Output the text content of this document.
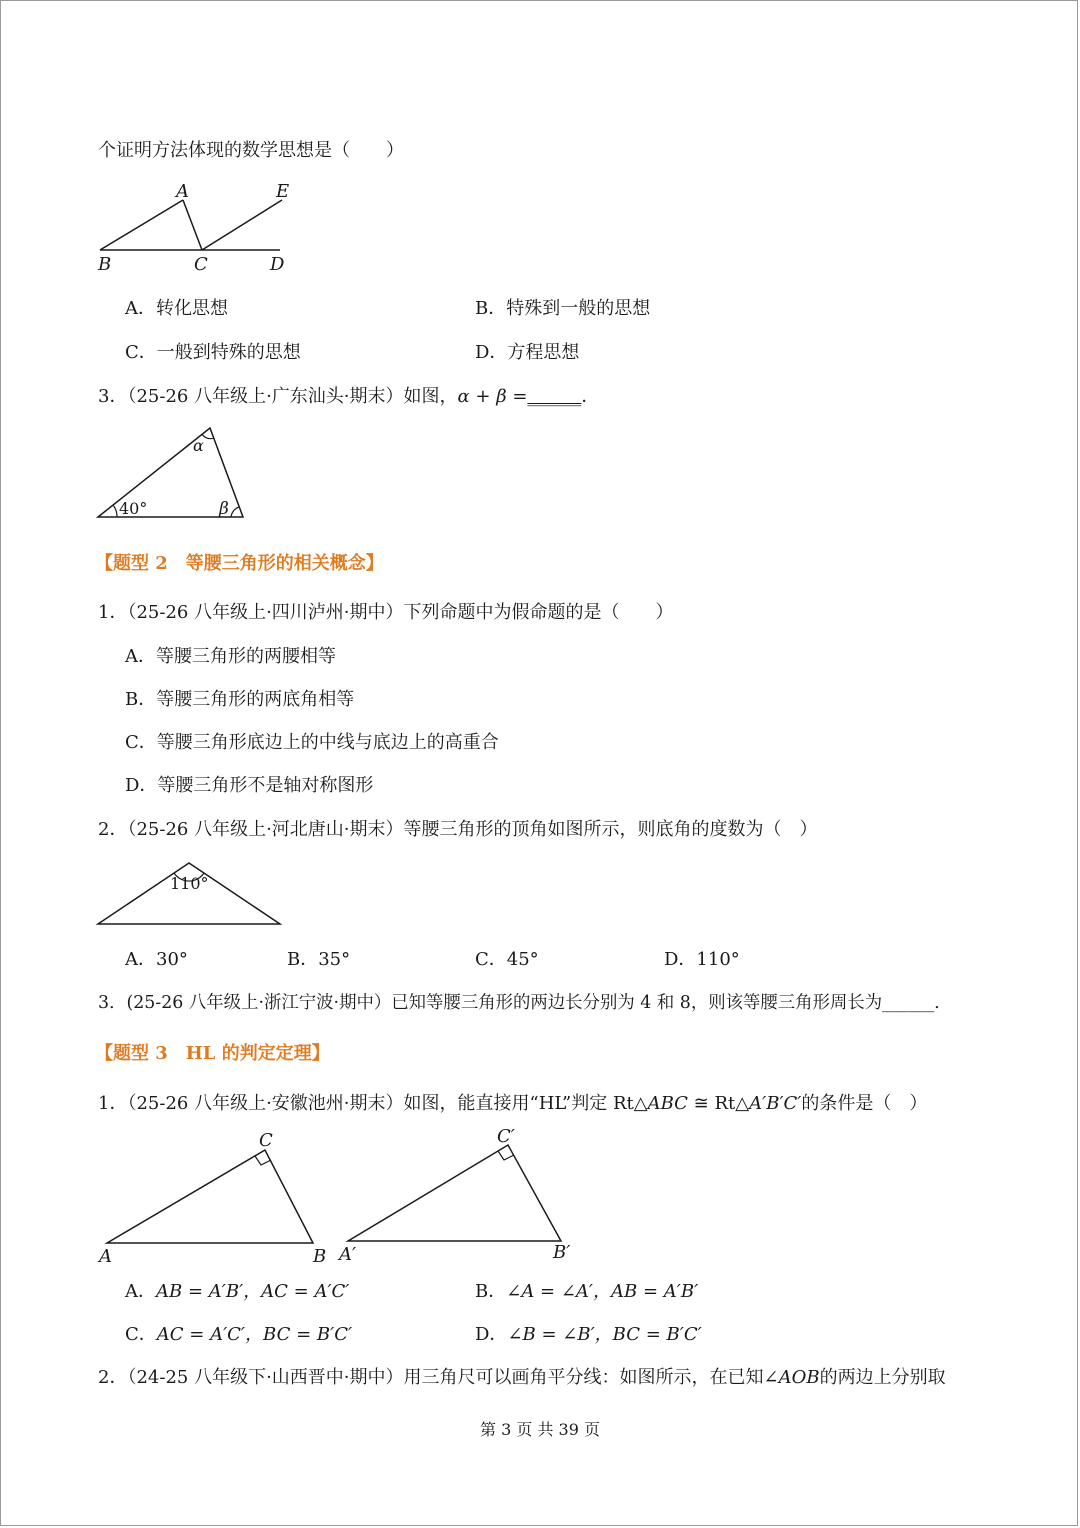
个证明方法体现的数学思想是（　　）
A	E
B	C	D
A．转化思想	B．特殊到一般的思想
C．一般到特殊的思想	D．方程思想
3．（25-26 八年级上·广东汕头·期末）如图，α + β =______．
α
β
40°
【题型 2　等腰三角形的相关概念】
1．（25-26 八年级上·四川泸州·期中）下列命题中为假命题的是（　　）
A．等腰三角形的两腰相等
B．等腰三角形的两底角相等
C．等腰三角形底边上的中线与底边上的高重合
D．等腰三角形不是轴对称图形
2．（25-26 八年级上·河北唐山·期末）等腰三角形的顶角如图所示，则底角的度数为（　）
110°
A．30°	B．35°	C．45°	D．110°
3．(25-26 八年级上·浙江宁波·期中）已知等腰三角形的两边长分别为 4 和 8，则该等腰三角形周长为______．
【题型 3　HL 的判定定理】
1．（25-26 八年级上·安徽池州·期末）如图，能直接用“HL”判定 Rt△ABC ≅ Rt△A′B′C′的条件是（　）
A	B
C
A′	B′
C′
A．AB = A′B′，AC = A′C′	B．∠A = ∠A′，AB = A′B′
C．AC = A′C′，BC = B′C′	D．∠B = ∠B′，BC = B′C′
2．（24-25 八年级下·山西晋中·期中）用三角尺可以画角平分线：如图所示，在已知∠AOB的两边上分别取
第 3 页 共 39 页
